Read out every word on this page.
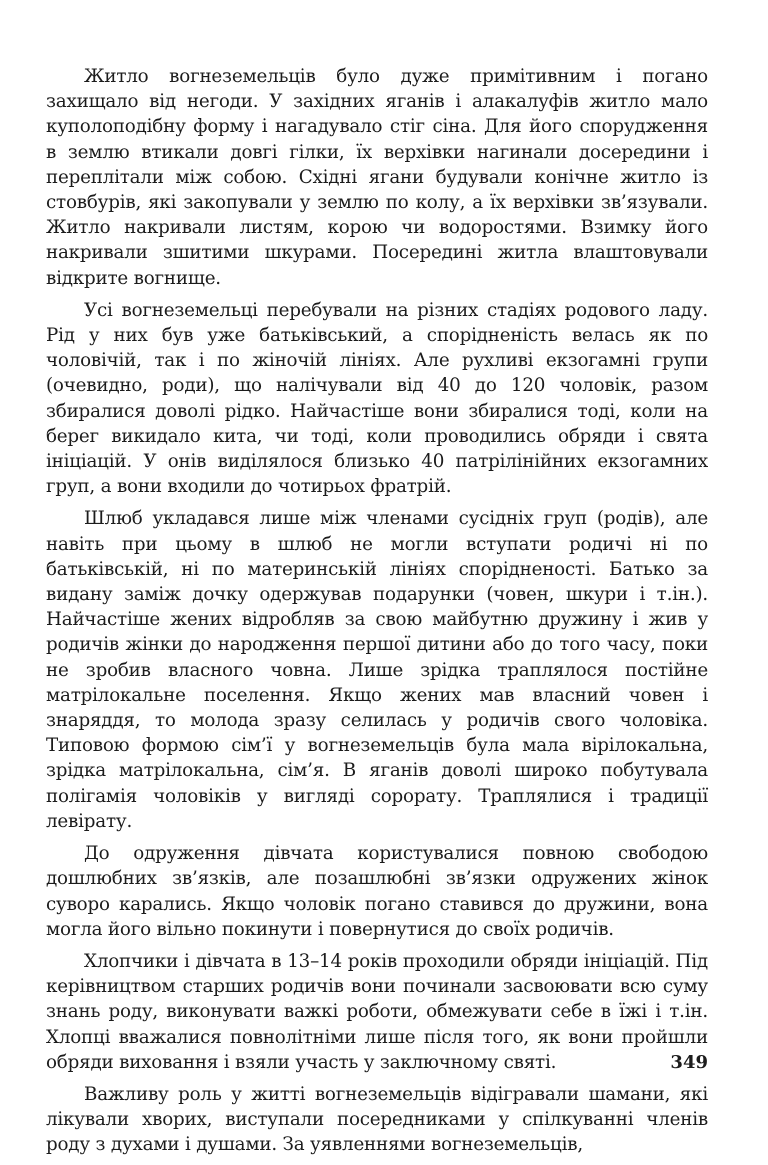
Житло вогнеземельців було дуже примітивним і погано захищало від негоди. У західних яганів і алакалуфів житло мало куполоподібну форму і нагадувало стіг сіна. Для його спорудження в землю втикали довгі гілки, їх верхівки нагинали досередини і переплітали між собою. Східні ягани будували конічне житло із стовбурів, які закопували у землю по колу, а їх верхівки зв’язували. Житло накривали листям, корою чи водоростями. Взимку його накривали зшитими шкурами. Посередині житла влаштовували відкрите вогнище.

Усі вогнеземельці перебували на різних стадіях родового ладу. Рід у них був уже батьківський, а спорідненість велась як по чоловічій, так і по жіночій лініях. Але рухливі екзогамні групи (очевидно, роди), що налічували від 40 до 120 чоловік, разом збиралися доволі рідко. Найчастіше вони збиралися тоді, коли на берег викидало кита, чи тоді, коли проводились обряди і свята ініціацій. У онів виділялося близько 40 патрілінійних екзогамних груп, а вони входили до чотирьох фратрій.

Шлюб укладався лише між членами сусідніх груп (родів), але навіть при цьому в шлюб не могли вступати родичі ні по батьківській, ні по материнській лініях спорідненості. Батько за видану заміж дочку одержував подарунки (човен, шкури і т.ін.). Найчастіше жених відробляв за свою майбутню дружину і жив у родичів жінки до народження першої дитини або до того часу, поки не зробив власного човна. Лише зрідка траплялося постійне матрілокальне поселення. Якщо жених мав власний човен і знаряддя, то молода зразу селилась у родичів свого чоловіка. Типовою формою сім’ї у вогнеземельців була мала вірілокальна, зрідка матрілокальна, сім’я. В яганів доволі широко побутувала полігамія чоловіків у вигляді сорорату. Траплялися і традиції левірату.

До одруження дівчата користувалися повною свободою дошлюбних зв’язків, але позашлюбні зв’язки одружених жінок суворо карались. Якщо чоловік погано ставився до дружини, вона могла його вільно покинути і повернутися до своїх родичів.

Хлопчики і дівчата в 13–14 років проходили обряди ініціацій. Під керівництвом старших родичів вони починали засвоювати всю суму знань роду, виконувати важкі роботи, обмежувати себе в їжі і т.ін. Хлопці вважалися повнолітніми лише після того, як вони пройшли обряди виховання і взяли участь у заключному святі.

Важливу роль у житті вогнеземельців відігравали шамани, які лікували хворих, виступали посередниками у спілкуванні членів роду з духами і душами. За уявленнями вогнеземельців,

349
